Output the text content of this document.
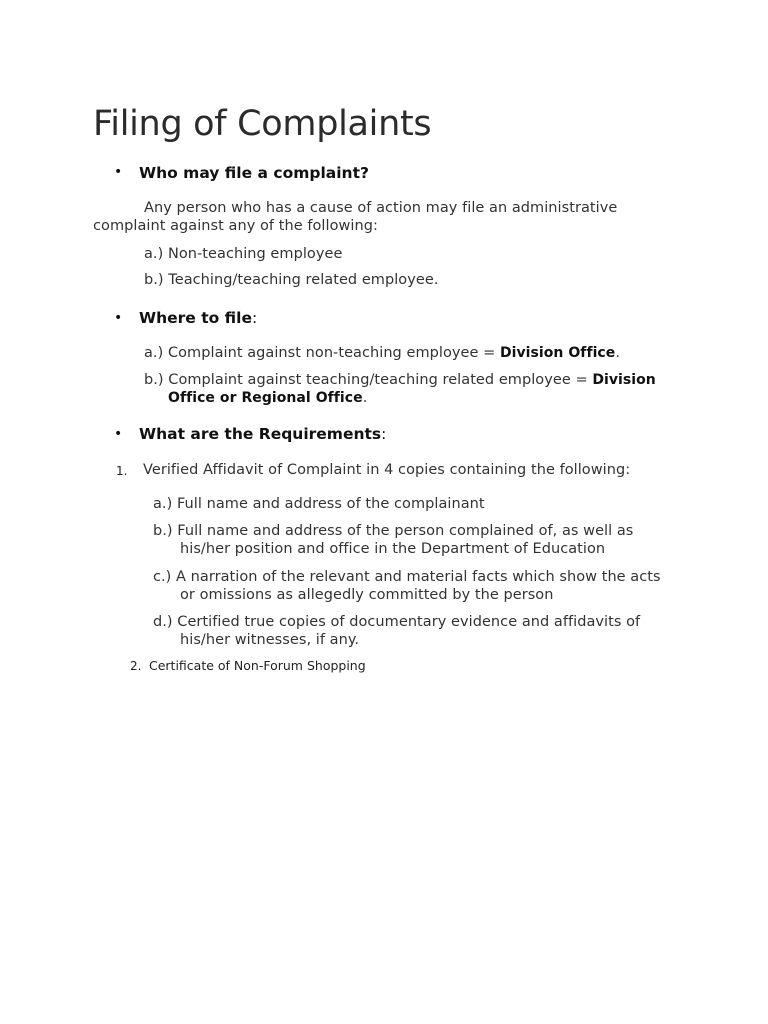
Filing of Complaints
• Who may file a complaint?
Any person who has a cause of action may file an administrative
complaint against any of the following:
a.) Non-teaching employee
b.) Teaching/teaching related employee.
• Where to file:
a.) Complaint against non-teaching employee = Division Office.
b.) Complaint against teaching/teaching related employee = Division
Office or Regional Office.
• What are the Requirements:
1. Verified Affidavit of Complaint in 4 copies containing the following:
a.) Full name and address of the complainant
b.) Full name and address of the person complained of, as well as
his/her position and office in the Department of Education
c.) A narration of the relevant and material facts which show the acts
or omissions as allegedly committed by the person
d.) Certified true copies of documentary evidence and affidavits of
his/her witnesses, if any.
2. Certificate of Non-Forum Shopping
